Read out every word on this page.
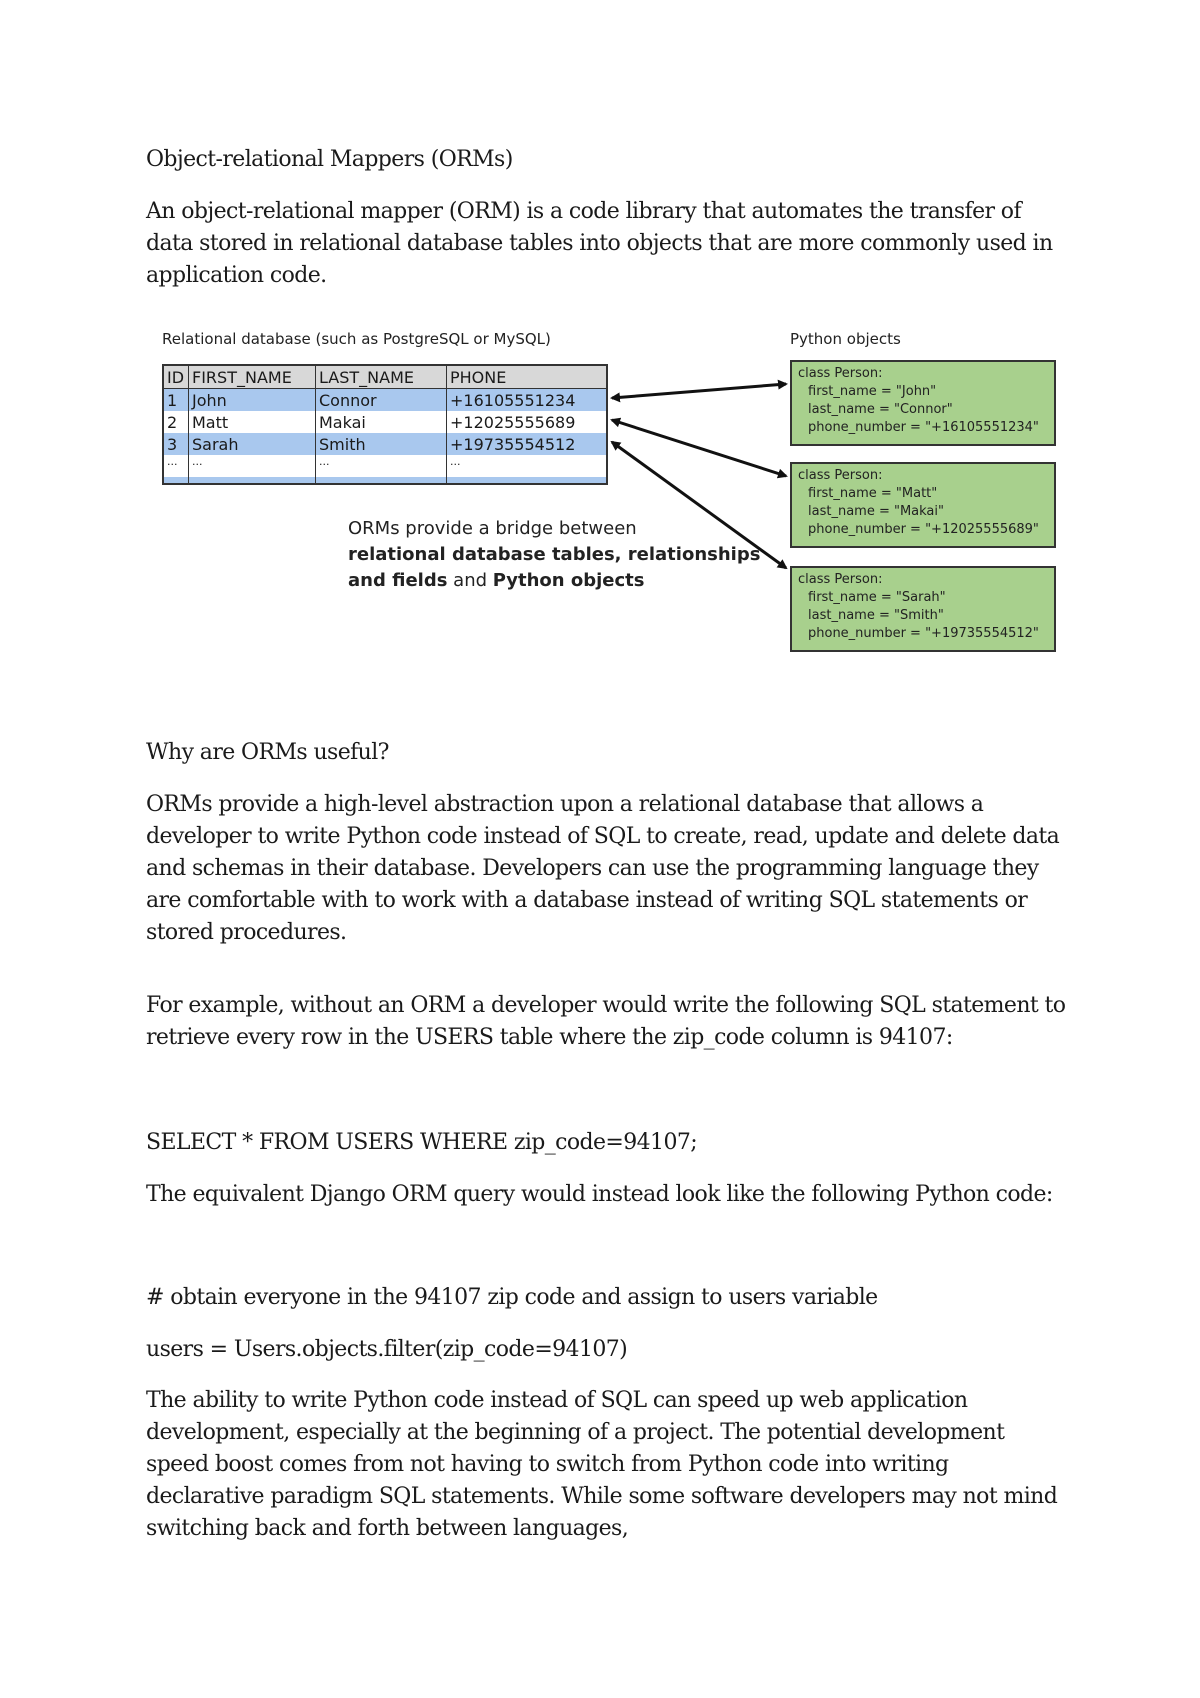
Object-relational Mappers (ORMs)

An object-relational mapper (ORM) is a code library that automates the transfer of data stored in relational database tables into objects that are more commonly used in application code.

Relational database (such as PostgreSQL or MySQL)	Python objects

ID	FIRST_NAME	LAST_NAME	PHONE
1	John	Connor	+16105551234
2	Matt	Makai	+12025555689
3	Sarah	Smith	+19735554512
...	...	...	...

class Person:
first_name = "John"
last_name = "Connor"
phone_number = "+16105551234"
class Person:
first_name = "Matt"
last_name = "Makai"
phone_number = "+12025555689"
class Person:
first_name = "Sarah"
last_name = "Smith"
phone_number = "+19735554512"

ORMs provide a bridge between
relational database tables, relationships
and fields and Python objects

Why are ORMs useful?

ORMs provide a high-level abstraction upon a relational database that allows a developer to write Python code instead of SQL to create, read, update and delete data and schemas in their database. Developers can use the programming language they are comfortable with to work with a database instead of writing SQL statements or stored procedures.

For example, without an ORM a developer would write the following SQL statement to retrieve every row in the USERS table where the zip_code column is 94107:

SELECT * FROM USERS WHERE zip_code=94107;

The equivalent Django ORM query would instead look like the following Python code:

# obtain everyone in the 94107 zip code and assign to users variable

users = Users.objects.filter(zip_code=94107)

The ability to write Python code instead of SQL can speed up web application development, especially at the beginning of a project. The potential development speed boost comes from not having to switch from Python code into writing declarative paradigm SQL statements. While some software developers may not mind switching back and forth between languages,
